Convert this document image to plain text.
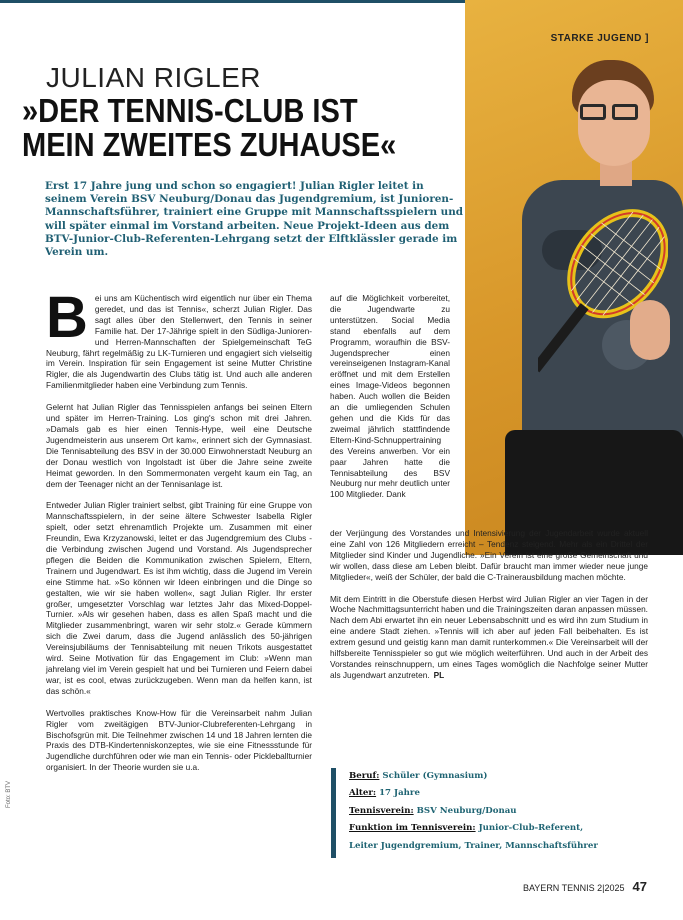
STARKE JUGEND ]
JULIAN RIGLER
»DER TENNIS-CLUB IST MEIN ZWEITES ZUHAUSE«
Erst 17 Jahre jung und schon so engagiert! Julian Rigler leitet in seinem Verein BSV Neuburg/Donau das Jugendgremium, ist Junioren-Mannschaftsführer, trainiert eine Gruppe mit Mannschaftsspielern und will später einmal im Vorstand arbeiten. Neue Projekt-Ideen aus dem BTV-Junior-Club-Referenten-Lehrgang setzt der Elftklässler gerade im Verein um.

Bei uns am Küchentisch wird eigentlich nur über ein Thema geredet, und das ist Tennis«, scherzt Julian Rigler. Das sagt alles über den Stellenwert, den Tennis in seiner Familie hat. Der 17-Jährige spielt in den Südliga-Junioren- und Herren-Mannschaften der Spielgemeinschaft TeG Neuburg, fährt regelmäßig zu LK-Turnieren und engagiert sich vielseitig im Verein. Inspiration für sein Engagement ist seine Mutter Christine Rigler, die als Jugendwartin des Clubs tätig ist. Und auch alle anderen Familienmitglieder haben eine Verbindung zum Tennis.

Gelernt hat Julian Rigler das Tennisspielen anfangs bei seinen Eltern und später im Herren-Training. Los ging's schon mit drei Jahren. »Damals gab es hier einen Tennis-Hype, weil eine Deutsche Jugendmeisterin aus unserem Ort kam«, erinnert sich der Gymnasiast. Die Tennisabteilung des BSV in der 30.000 Einwohnerstadt Neuburg an der Donau westlich von Ingolstadt ist über die Jahre seine zweite Heimat geworden. In den Sommermonaten vergeht kaum ein Tag, an dem der Teenager nicht an der Tennisanlage ist.

Entweder Julian Rigler trainiert selbst, gibt Training für eine Gruppe von Mannschaftsspielern, in der seine ältere Schwester Isabella Rigler spielt, oder setzt ehrenamtlich Projekte um. Zusammen mit einer Freundin, Ewa Krzyzanowski, leitet er das Jugendgremium des Clubs - die Verbindung zwischen Jugend und Vorstand. Als Jugendsprecher pflegen die Beiden die Kommunikation zwischen Spielern, Eltern, Trainern und Jugendwart. Es ist ihm wichtig, dass die Jugend im Verein eine Stimme hat. »So können wir Ideen einbringen und die Dinge so gestalten, wie wir sie haben wollen«, sagt Julian Rigler. Ihr erster großer, umgesetzter Vorschlag war letztes Jahr das Mixed-Doppel-Turnier. »Als wir gesehen haben, dass es allen Spaß macht und die Mitglieder zusammenbringt, waren wir sehr stolz.« Gerade kümmern sich die Zwei darum, dass die Jugend anlässlich des 50-jährigen Vereinsjubiläums der Tennisabteilung mit neuen Trikots ausgestattet wird. Seine Motivation für das Engagement im Club: »Wenn man jahrelang viel im Verein gespielt hat und bei Turnieren und Feiern dabei war, ist es cool, etwas zurückzugeben. Wenn man da helfen kann, ist das schön.«

Wertvolles praktisches Know-How für die Vereinsarbeit nahm Julian Rigler vom zweitägigen BTV-Junior-Clubreferenten-Lehrgang in Bischofsgrün mit. Die Teilnehmer zwischen 14 und 18 Jahren lernten die Praxis des DTB-Kindertenniskonzeptes, wie sie eine Fitnessstunde für Jugendliche durchführen oder wie man ein Tennis- oder Pickleballturnier organisiert. In der Theorie wurden sie u.a.

auf die Möglichkeit vorbereitet, die Jugendwarte zu unterstützen. Social Media stand ebenfalls auf dem Programm, woraufhin die BSV-Jugendsprecher einen vereinseigenen Instagram-Kanal eröffnet und mit dem Erstellen eines Image-Videos begonnen haben. Auch wollen die Beiden an die umliegenden Schulen gehen und die Kids für das zweimal jährlich stattfindende Eltern-Kind-Schnuppertraining des Vereins anwerben. Vor ein paar Jahren hatte die Tennisabteilung des BSV Neuburg nur mehr deutlich unter 100 Mitglieder. Dank

der Verjüngung des Vorstandes und Intensivierung der Jugendarbeit wurde aktuell eine Zahl von 126 Mitgliedern erreicht – Tendenz steigend. Mehr als ein Drittel der Mitglieder sind Kinder und Jugendliche. »Ein Verein ist eine große Gemeinschaft und wir wollen, dass diese am Leben bleibt. Dafür braucht man immer wieder neue junge Mitglieder«, weiß der Schüler, der bald die C-Trainerausbildung machen möchte.

Mit dem Eintritt in die Oberstufe diesen Herbst wird Julian Rigler an vier Tagen in der Woche Nachmittagsunterricht haben und die Trainingszeiten daran anpassen müssen. Nach dem Abi erwartet ihn ein neuer Lebensabschnitt und es wird ihn zum Studium in eine andere Stadt ziehen. »Tennis will ich aber auf jeden Fall beibehalten. Es ist extrem gesund und geistig kann man damit runterkommen.« Die Vereinsarbeit will der hilfsbereite Tennisspieler so gut wie möglich weiterführen. Und auch in der Arbeit des Vorstandes reinschnuppern, um eines Tages womöglich die Nachfolge seiner Mutter als Jugendwart anzutreten. PL

Beruf: Schüler (Gymnasium)
Alter: 17 Jahre
Tennisverein: BSV Neuburg/Donau
Funktion im Tennisverein: Junior-Club-Referent,
Leiter Jugendgremium, Trainer, Mannschaftsführer
Foto: BTV
BAYERN TENNIS 2|2025 47
